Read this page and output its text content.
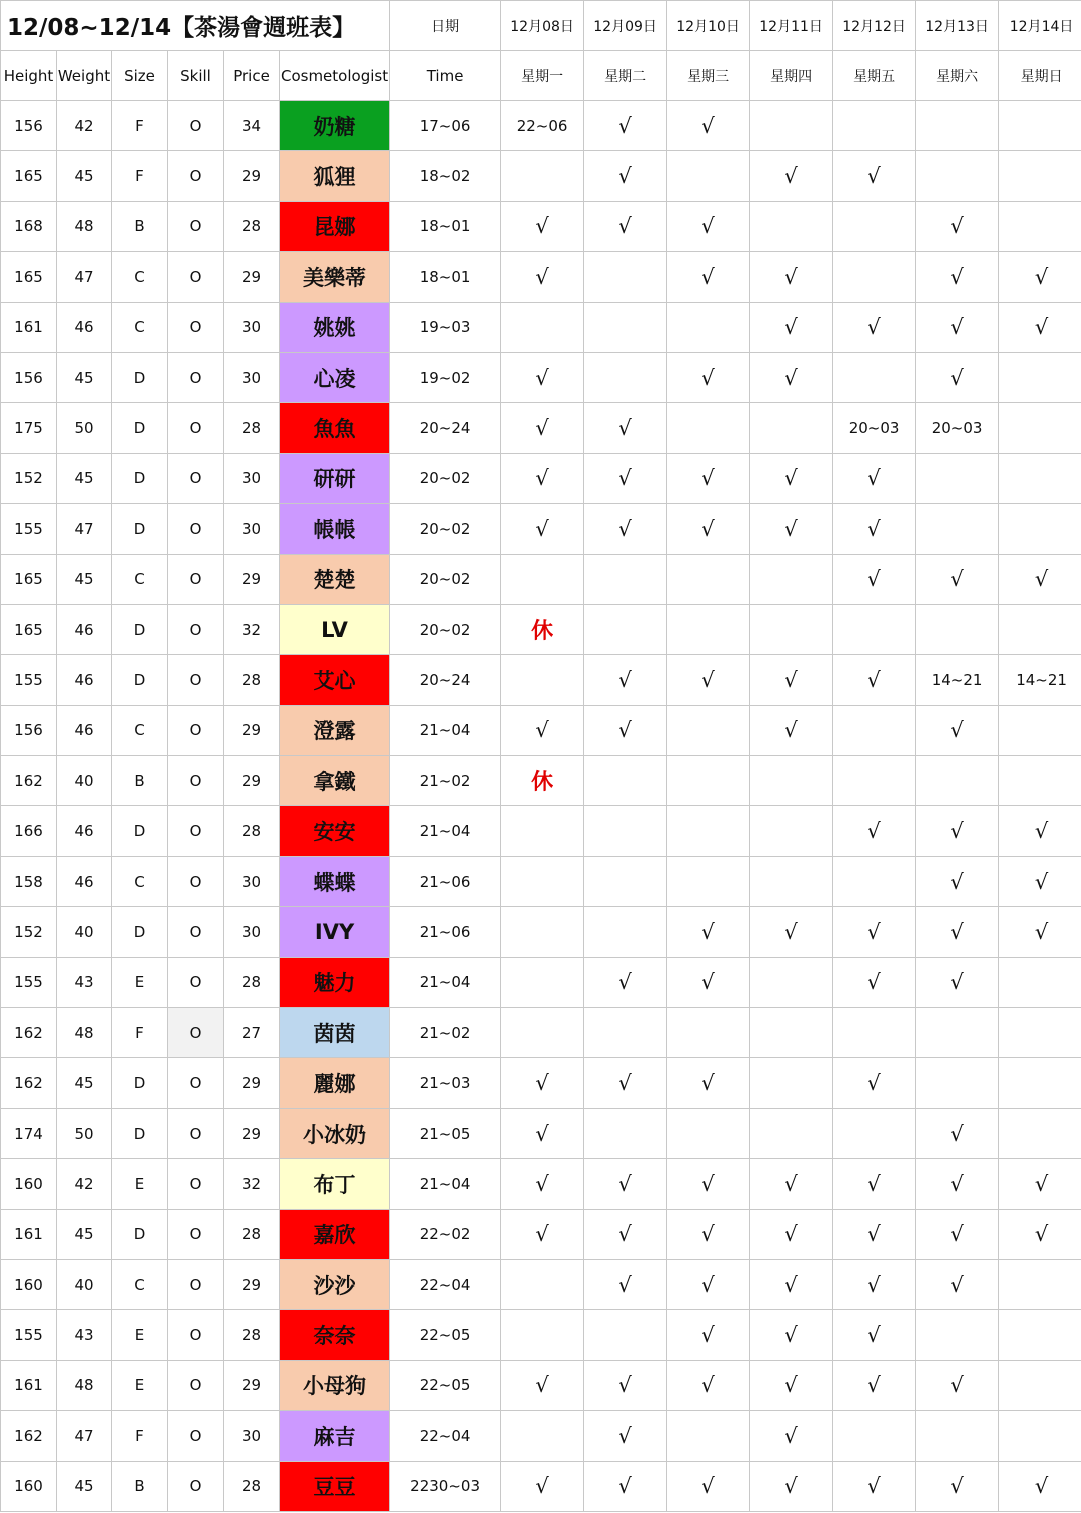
12/08~12/14【茶湯會週班表】						日期	12月08日	12月09日	12月10日	12月11日	12月12日	12月13日	12月14日
Height	Weight	Size	Skill	Price	Cosmetologist	Time	星期一	星期二	星期三	星期四	星期五	星期六	星期日
156	42	F	O	34	奶糖	17~06	22~06	√	√				
165	45	F	O	29	狐狸	18~02		√		√	√		
168	48	B	O	28	昆娜	18~01	√	√	√			√	
165	47	C	O	29	美樂蒂	18~01	√		√	√		√	√
161	46	C	O	30	姚姚	19~03				√	√	√	√
156	45	D	O	30	心凌	19~02	√		√	√		√	
175	50	D	O	28	魚魚	20~24	√	√			20~03	20~03	
152	45	D	O	30	研研	20~02	√	√	√	√	√		
155	47	D	O	30	帳帳	20~02	√	√	√	√	√		
165	45	C	O	29	楚楚	20~02					√	√	√
165	46	D	O	32	LV	20~02	休						
155	46	D	O	28	艾心	20~24		√	√	√	√	14~21	14~21
156	46	C	O	29	澄露	21~04	√	√		√		√	
162	40	B	O	29	拿鐵	21~02	休						
166	46	D	O	28	安安	21~04					√	√	√
158	46	C	O	30	蝶蝶	21~06						√	√
152	40	D	O	30	IVY	21~06			√	√	√	√	√
155	43	E	O	28	魅力	21~04		√	√		√	√	
162	48	F	O	27	茵茵	21~02							
162	45	D	O	29	麗娜	21~03	√	√	√		√		
174	50	D	O	29	小冰奶	21~05	√					√	
160	42	E	O	32	布丁	21~04	√	√	√	√	√	√	√
161	45	D	O	28	嘉欣	22~02	√	√	√	√	√	√	√
160	40	C	O	29	沙沙	22~04		√	√	√	√	√	
155	43	E	O	28	奈奈	22~05			√	√	√		
161	48	E	O	29	小母狗	22~05	√	√	√	√	√	√	
162	47	F	O	30	麻吉	22~04		√		√			
160	45	B	O	28	豆豆	2230~03	√	√	√	√	√	√	√
